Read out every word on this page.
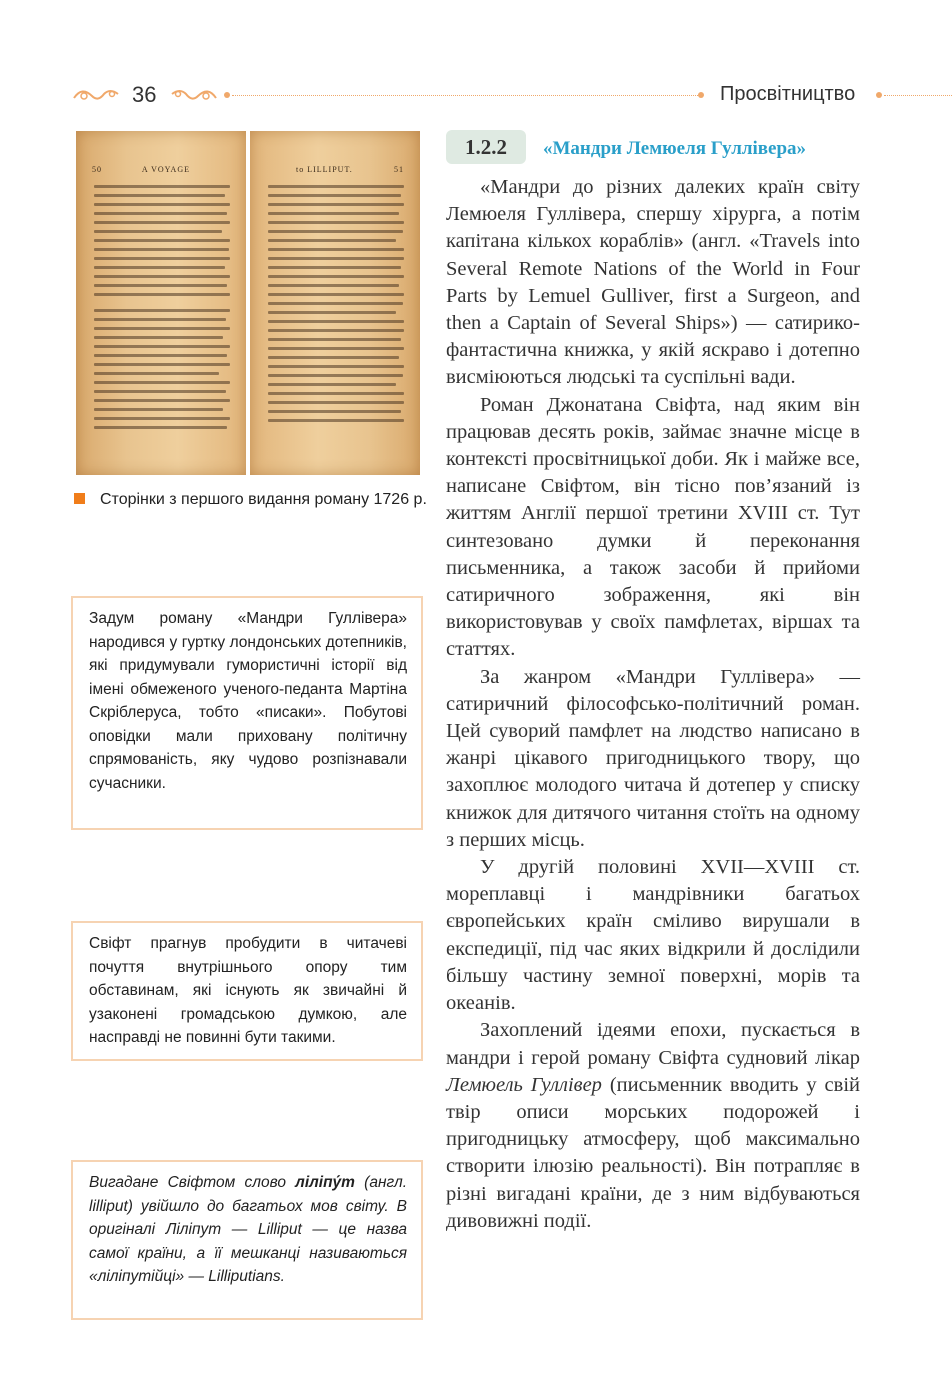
36	Просвітництво
50	A VOYAGE	to LILLIPUT.	51
Сторінки з першого видання роману 1726 р.
Задум роману «Мандри Гуллівера» народився у гуртку лондонських дотепників, які придумували гумористичні історії від імені обмеженого ученого-педанта Мартіна Скріблеруса, тобто «писаки». Побутові оповідки мали приховану політичну спрямованість, яку чудово розпізнавали сучасники.
Свіфт прагнув пробудити в читачеві почуття внутрішнього опору тим обставинам, які існують як звичайні й узаконені громадською думкою, але насправді не повинні бути такими.
Вигадане Свіфтом слово ліліпу́т (англ. lilliput) увійшло до багатьох мов світу. В оригіналі Ліліпут — Lilliput — це назва самої країни, а її мешканці називаються «ліліпутійці» — Lilliputians.
1.2.2	«Мандри Лемюеля Гуллівера»

«Мандри до різних далеких країн світу Лемюеля Гуллівера, спершу хірурга, а потім капітана кількох кораблів» (англ. «Travels into Several Remote Nations of the World in Four Parts by Lemuel Gulliver, first a Surgeon, and then a Captain of Several Ships») — сатирико-фантастична книжка, у якій яскраво і дотепно висміюються людські та суспільні вади.

Роман Джонатана Свіфта, над яким він працював десять років, займає значне місце в контексті просвітницької доби. Як і майже все, написане Свіфтом, він тісно пов’язаний із життям Англії першої третини XVIII ст. Тут синтезовано думки й переконання письменника, а також засоби й прийоми сатиричного зображення, які він використовував у своїх памфлетах, віршах та статтях.

За жанром «Мандри Гуллівера» — сатиричний філософсько-політичний роман. Цей суворий памфлет на людство написано в жанрі цікавого пригодницького твору, що захоплює молодого читача й дотепер у списку книжок для дитячого читання стоїть на одному з перших місць.

У другій половині XVII—XVIII ст. мореплавці і мандрівники багатьох європейських країн сміливо вирушали в експедиції, під час яких відкрили й дослідили більшу частину земної поверхні, морів та океанів.

Захоплений ідеями епохи, пускається в мандри і герой роману Свіфта судновий лікар Лемюель Гуллівер (письменник вводить у свій твір описи морських подорожей і пригодницьку атмосферу, щоб максимально створити ілюзію реальності). Він потрапляє в різні вигадані країни, де з ним відбуваються дивовижні події.
